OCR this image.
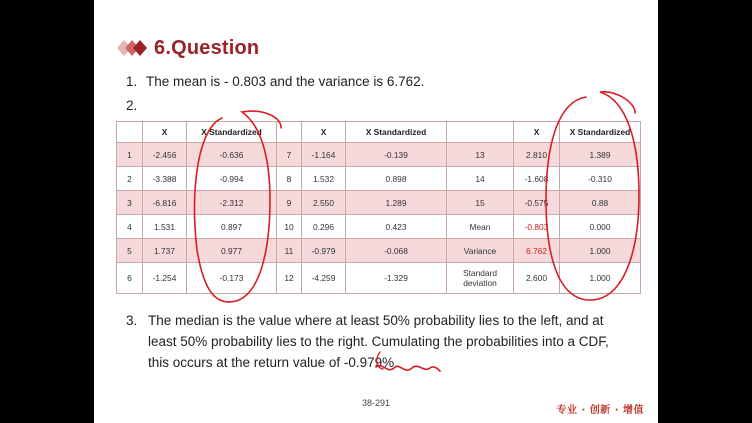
6.Question
1. The mean is - 0.803 and the variance is 6.762.
2.
	X	X Standardized		X	X Standardized		X	X Standardized
1	-2.456	-0.636	7	-1.164	-0.139	13	2.810	1.389
2	-3.388	-0.994	8	1.532	0.898	14	-1.608	-0.310
3	-6.816	-2.312	9	2.550	1.289	15	-0.575	0.88
4	1.531	0.897	10	0.296	0.423	Mean	-0.803	0.000
5	1.737	0.977	11	-0.979	-0.068	Variance	6.762	1.000
6	-1.254	-0.173	12	-4.259	-1.329	Standard deviation	2.600	1.000
3. The median is the value where at least 50% probability lies to the left, and at least 50% probability lies to the right. Cumulating the probabilities into a CDF, this occurs at the return value of -0.979%.
38-291
专业 · 创新 · 增值
